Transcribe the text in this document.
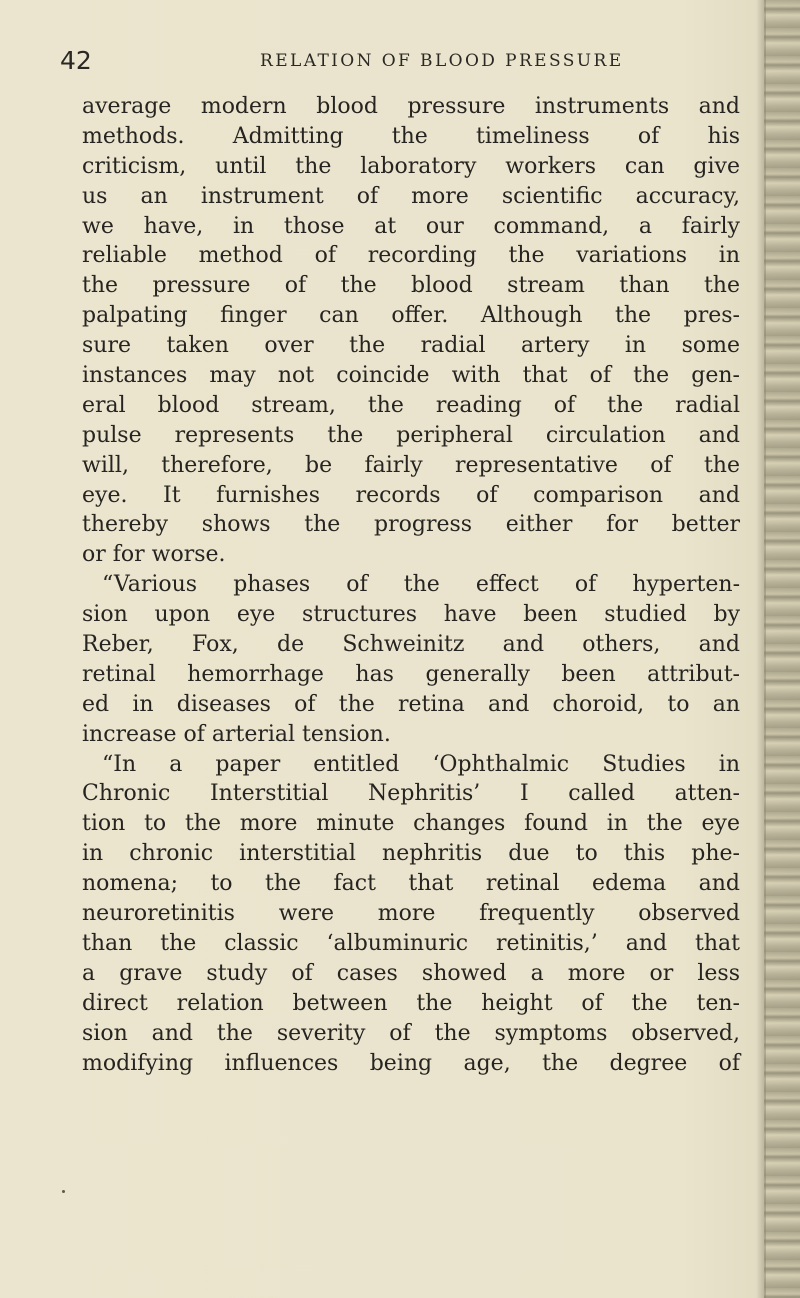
42	RELATION OF BLOOD PRESSURE
average modern blood pressure instruments and
methods. Admitting the timeliness of his
criticism, until the laboratory workers can give
us an instrument of more scientific accuracy,
we have, in those at our command, a fairly
reliable method of recording the variations in
the pressure of the blood stream than the
palpating finger can offer. Although the pres-
sure taken over the radial artery in some
instances may not coincide with that of the gen-
eral blood stream, the reading of the radial
pulse represents the peripheral circulation and
will, therefore, be fairly representative of the
eye. It furnishes records of comparison and
thereby shows the progress either for better
or for worse.
“Various phases of the effect of hyperten-
sion upon eye structures have been studied by
Reber, Fox, de Schweinitz and others, and
retinal hemorrhage has generally been attribut-
ed in diseases of the retina and choroid, to an
increase of arterial tension.
“In a paper entitled ‘Ophthalmic Studies in
Chronic Interstitial Nephritis’ I called atten-
tion to the more minute changes found in the eye
in chronic interstitial nephritis due to this phe-
nomena; to the fact that retinal edema and
neuroretinitis were more frequently observed
than the classic ‘albuminuric retinitis,’ and that
a grave study of cases showed a more or less
direct relation between the height of the ten-
sion and the severity of the symptoms observed,
modifying influences being age, the degree of
